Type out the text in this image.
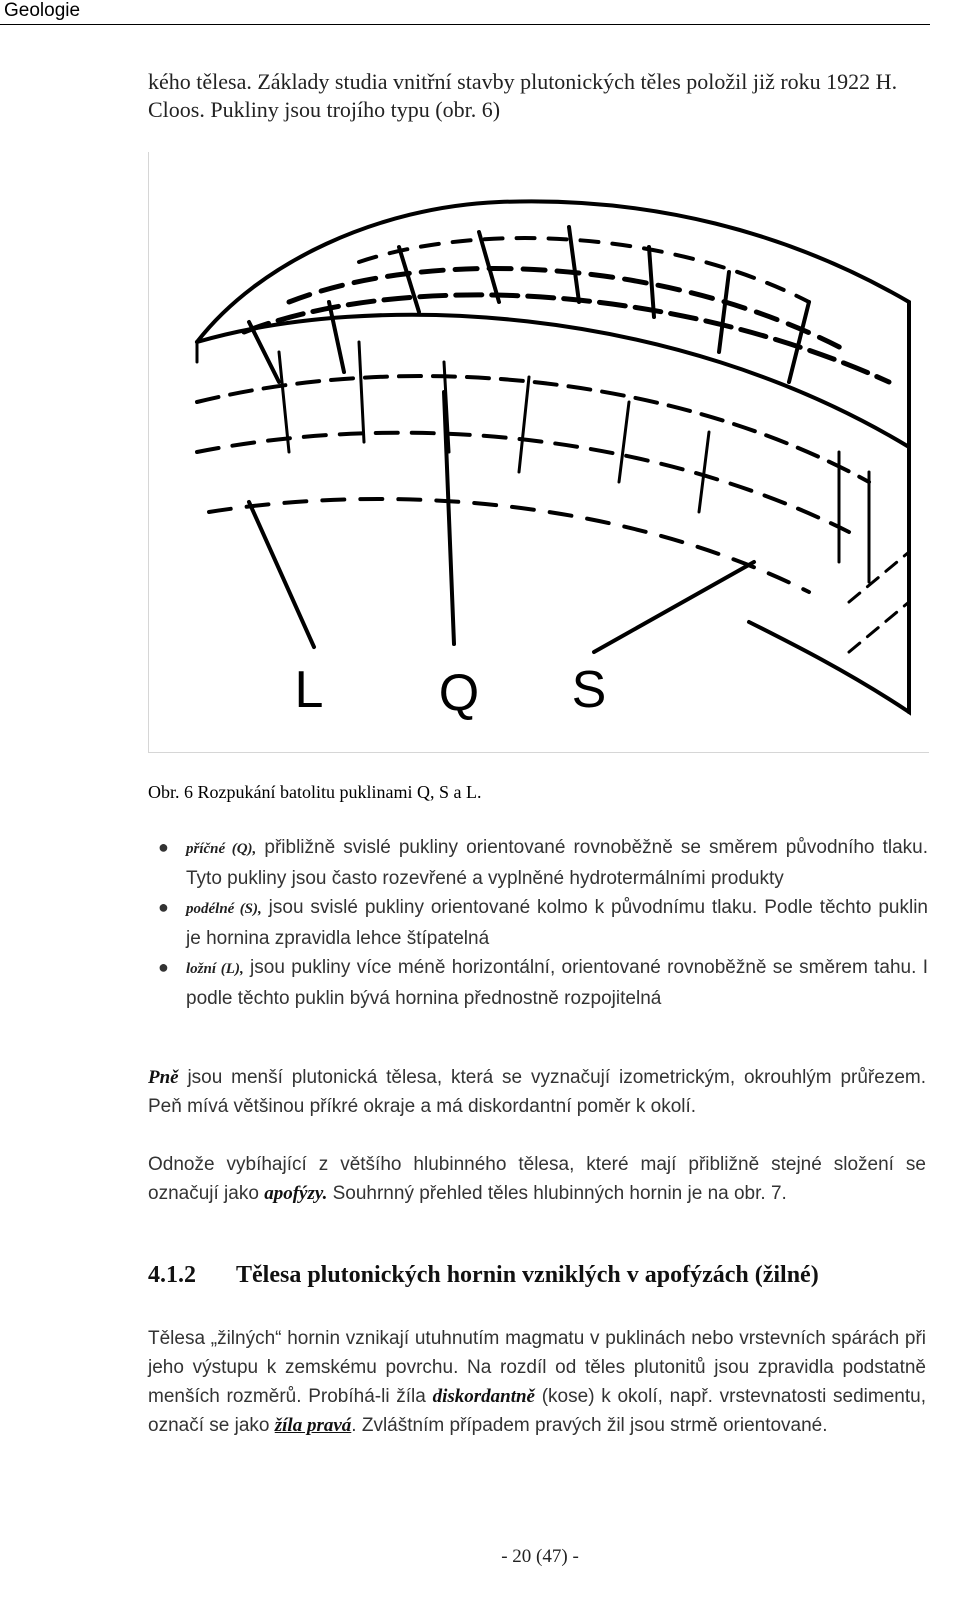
Geologie
kého tělesa. Základy studia vnitřní stavby plutonických těles položil již roku 1922 H. Cloos. Pukliny jsou trojího typu (obr. 6)
L Q S
Obr. 6 Rozpukání batolitu puklinami Q, S a L.
● příčné (Q), přibližně svislé pukliny orientované rovnoběžně se směrem původního tlaku. Tyto pukliny jsou často rozevřené a vyplněné hydrotermálními produkty
● podélné (S), jsou svislé pukliny orientované kolmo k původnímu tlaku. Podle těchto puklin je hornina zpravidla lehce štípatelná
● ložní (L), jsou pukliny více méně horizontální, orientované rovnoběžně se směrem tahu. I podle těchto puklin bývá hornina přednostně rozpojitelná
Pně jsou menší plutonická tělesa, která se vyznačují izometrickým, okrouhlým průřezem. Peň mívá většinou příkré okraje a má diskordantní poměr k okolí.
Odnože vybíhající z většího hlubinného tělesa, které mají přibližně stejné složení se označují jako apofýzy. Souhrnný přehled těles hlubinných hornin je na obr. 7.
4.1.2 Tělesa plutonických hornin vzniklých v apofýzách (žilné)
Tělesa „žilných“ hornin vznikají utuhnutím magmatu v puklinách nebo vrstevních spárách při jeho výstupu k zemskému povrchu. Na rozdíl od těles plutonitů jsou zpravidla podstatně menších rozměrů. Probíhá-li žíla diskordantně (kose) k okolí, např. vrstevnatosti sedimentu, označí se jako žíla pravá. Zvláštním případem pravých žil jsou strmě orientované.
- 20 (47) -
